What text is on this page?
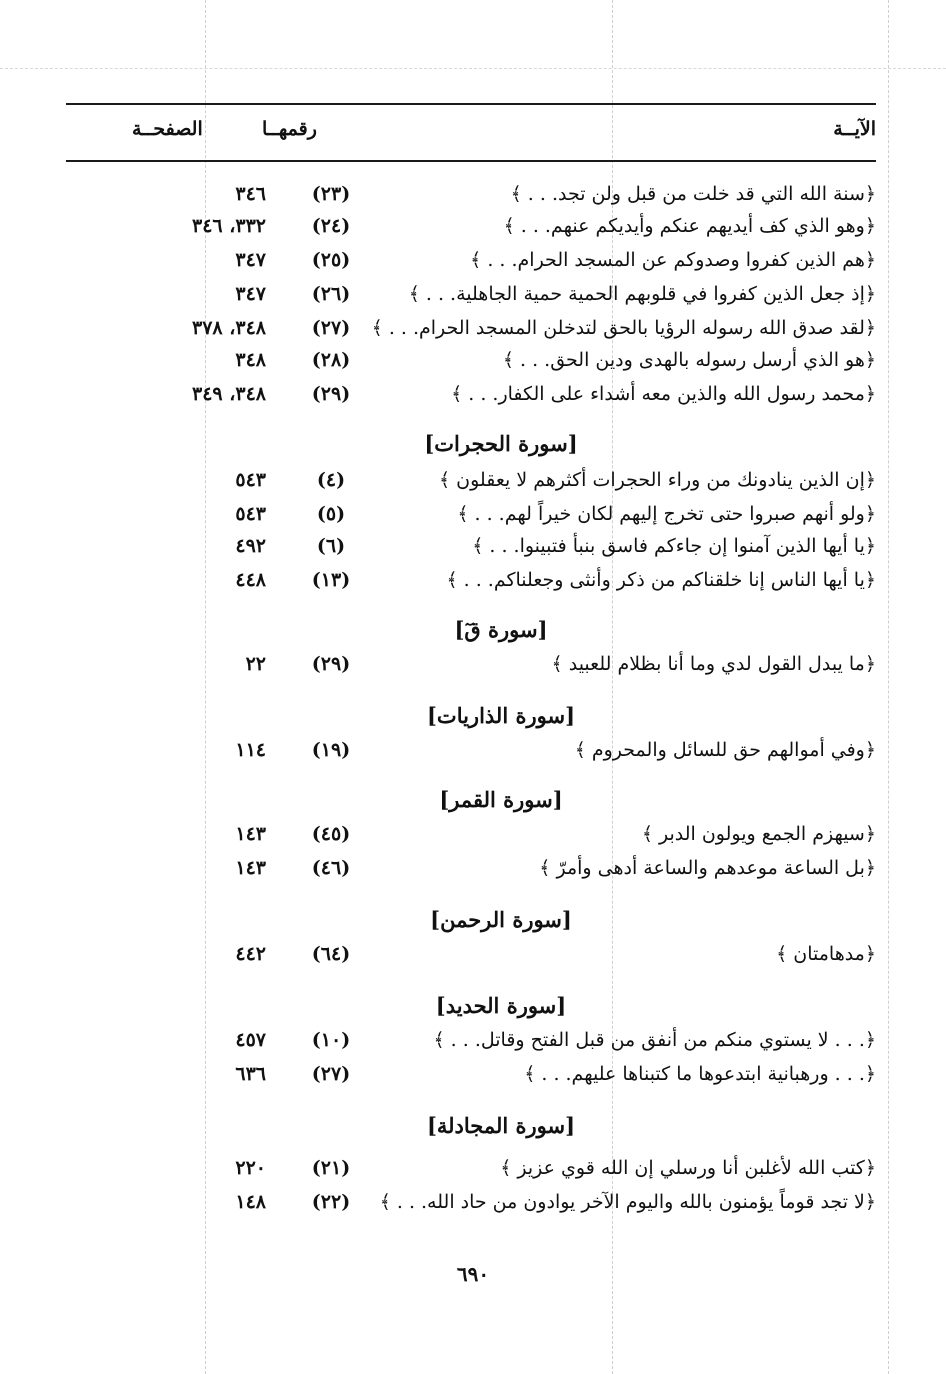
الآيــة
رقمهــا
الصفحــة
﴿سنة الله التي قد خلت من قبل ولن تجد. . . ﴾
(٢٣)
٣٤٦
﴿وهو الذي كف أيديهم عنكم وأيديكم عنهم. . . ﴾
(٢٤)
٣٣٢، ٣٤٦
﴿هم الذين كفروا وصدوكم عن المسجد الحرام. . . ﴾
(٢٥)
٣٤٧
﴿إذ جعل الذين كفروا في قلوبهم الحمية حمية الجاهلية. . . ﴾
(٢٦)
٣٤٧
﴿لقد صدق الله رسوله الرؤيا بالحق لتدخلن المسجد الحرام. . . ﴾
(٢٧)
٣٤٨، ٣٧٨
﴿هو الذي أرسل رسوله بالهدى ودين الحق. . . ﴾
(٢٨)
٣٤٨
﴿محمد رسول الله والذين معه أشداء على الكفار. . . ﴾
(٢٩)
٣٤٨، ٣٤٩
[سورة الحجرات]
﴿إن الذين ينادونك من وراء الحجرات أكثرهم لا يعقلون ﴾
(٤)
٥٤٣
﴿ولو أنهم صبروا حتى تخرج إليهم لكان خيراً لهم. . . ﴾
(٥)
٥٤٣
﴿يا أيها الذين آمنوا إن جاءكم فاسق بنبأ فتبينوا. . . ﴾
(٦)
٤٩٢
﴿يا أيها الناس إنا خلقناكم من ذكر وأنثى وجعلناكم. . . ﴾
(١٣)
٤٤٨
[سورة قٓ]
﴿ما يبدل القول لدي وما أنا بظلام للعبيد ﴾
(٢٩)
٢٢
[سورة الذاريات]
﴿وفي أموالهم حق للسائل والمحروم ﴾
(١٩)
١١٤
[سورة القمر]
﴿سيهزم الجمع ويولون الدبر ﴾
(٤٥)
١٤٣
﴿بل الساعة موعدهم والساعة أدهى وأمرّ ﴾
(٤٦)
١٤٣
[سورة الرحمن]
﴿مدهامتان ﴾
(٦٤)
٤٤٢
[سورة الحديد]
﴿. . . لا يستوي منكم من أنفق من قبل الفتح وقاتل. . . ﴾
(١٠)
٤٥٧
﴿. . . ورهبانية ابتدعوها ما كتبناها عليهم. . . ﴾
(٢٧)
٦٣٦
[سورة المجادلة]
﴿كتب الله لأغلبن أنا ورسلي إن الله قوي عزيز ﴾
(٢١)
٢٢٠
﴿لا تجد قوماً يؤمنون بالله واليوم الآخر يوادون من حاد الله. . . ﴾
(٢٢)
١٤٨
٦٩٠
